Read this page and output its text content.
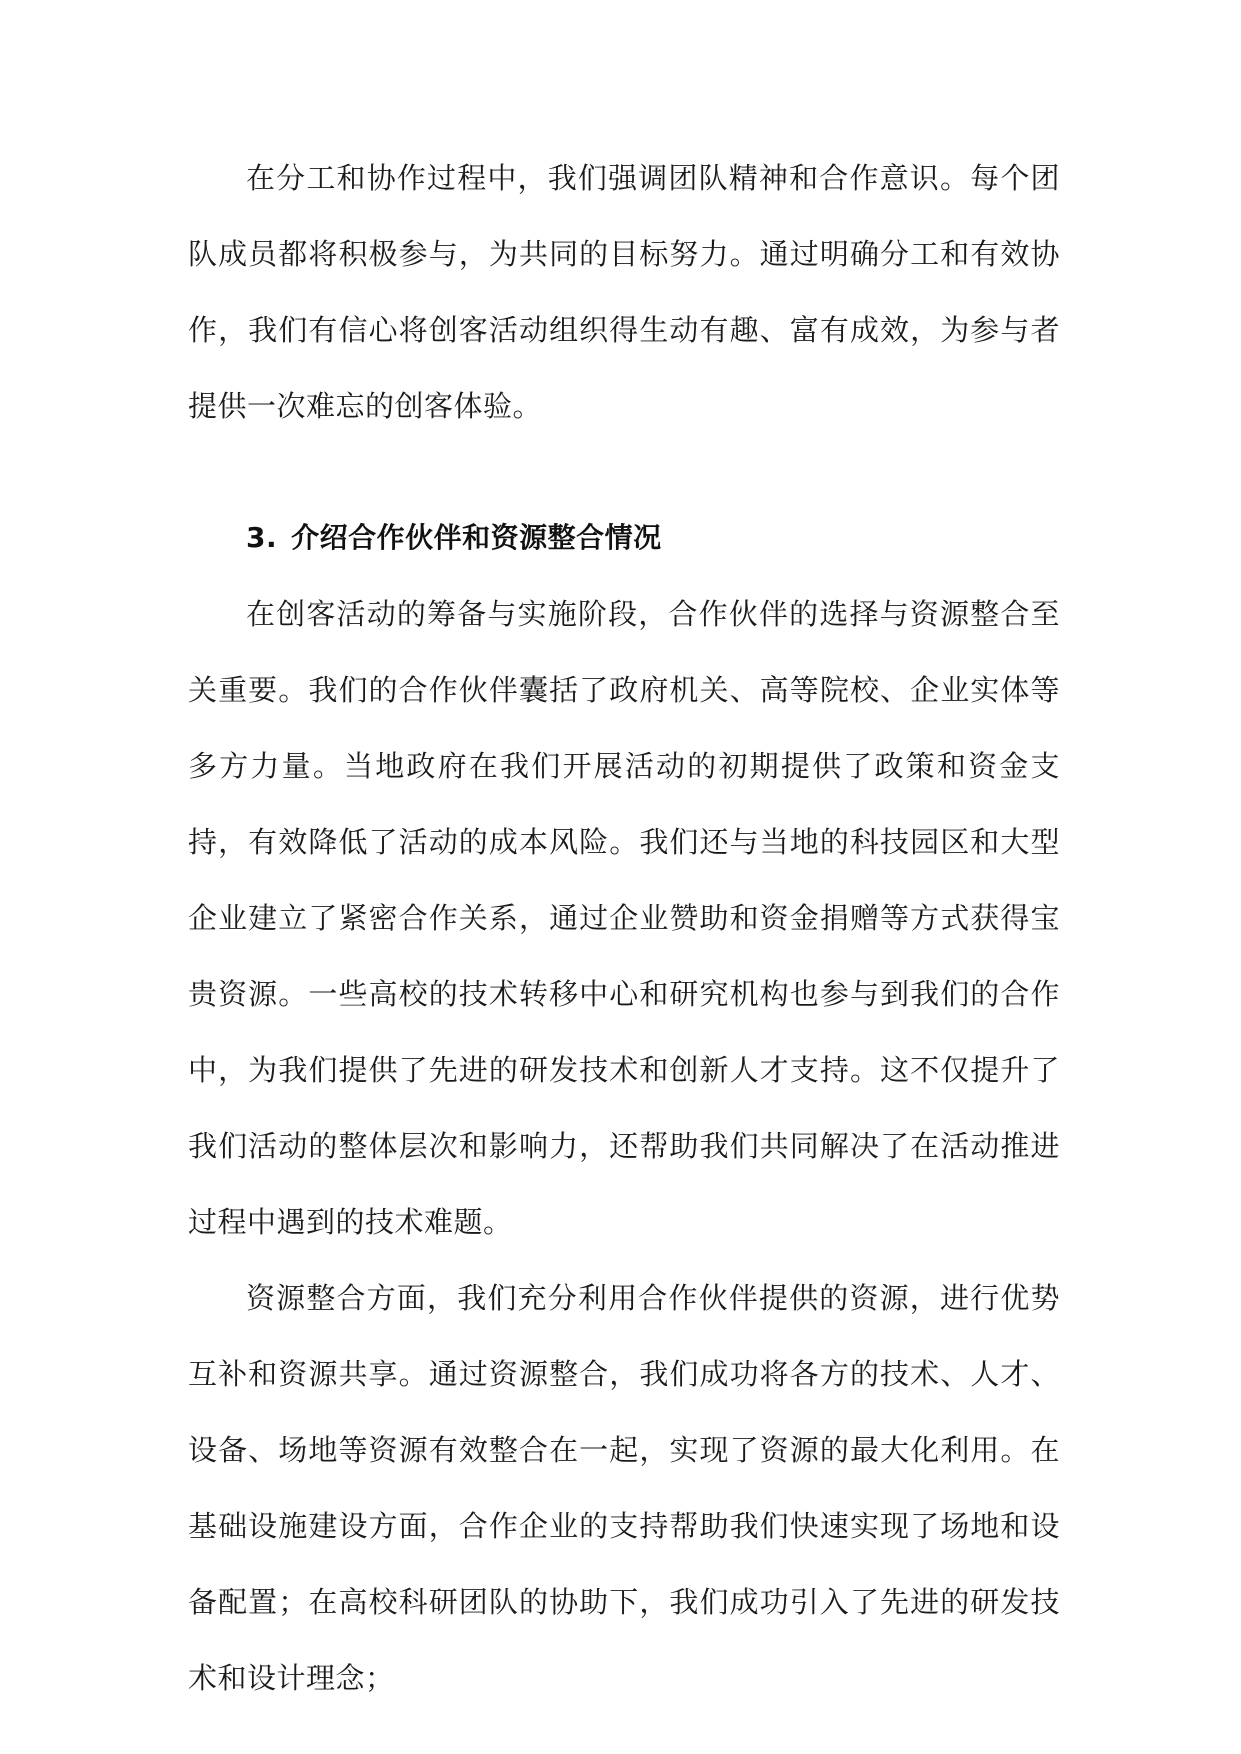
在分工和协作过程中，我们强调团队精神和合作意识。每个团队成员都将积极参与，为共同的目标努力。通过明确分工和有效协作，我们有信心将创客活动组织得生动有趣、富有成效，为参与者提供一次难忘的创客体验。

3. 介绍合作伙伴和资源整合情况

在创客活动的筹备与实施阶段，合作伙伴的选择与资源整合至关重要。我们的合作伙伴囊括了政府机关、高等院校、企业实体等多方力量。当地政府在我们开展活动的初期提供了政策和资金支持，有效降低了活动的成本风险。我们还与当地的科技园区和大型企业建立了紧密合作关系，通过企业赞助和资金捐赠等方式获得宝贵资源。一些高校的技术转移中心和研究机构也参与到我们的合作中，为我们提供了先进的研发技术和创新人才支持。这不仅提升了我们活动的整体层次和影响力，还帮助我们共同解决了在活动推进过程中遇到的技术难题。

资源整合方面，我们充分利用合作伙伴提供的资源，进行优势互补和资源共享。通过资源整合，我们成功将各方的技术、人才、设备、场地等资源有效整合在一起，实现了资源的最大化利用。在基础设施建设方面，合作企业的支持帮助我们快速实现了场地和设备配置；在高校科研团队的协助下，我们成功引入了先进的研发技术和设计理念；
